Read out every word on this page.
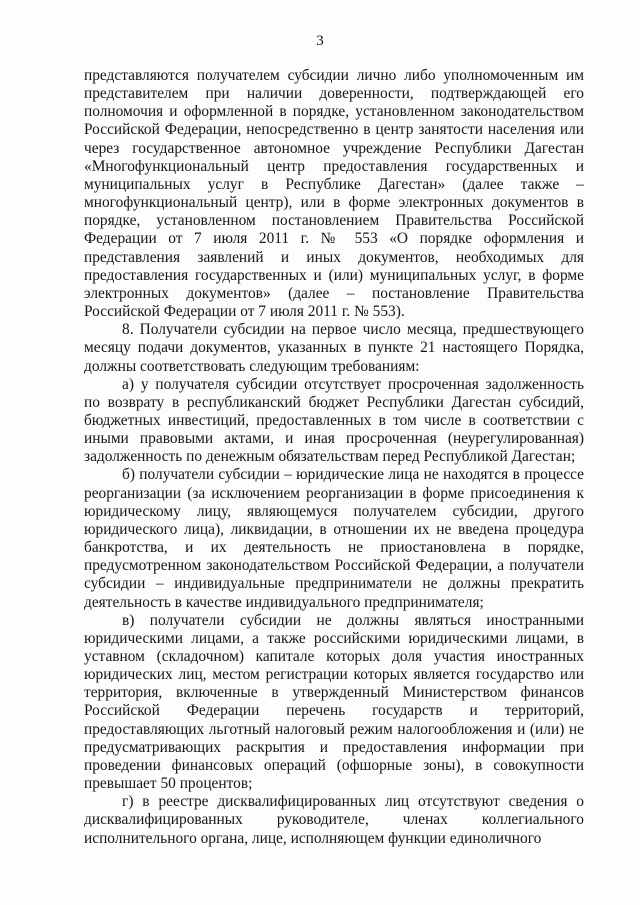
3

представляются получателем субсидии лично либо уполномоченным им представителем при наличии доверенности, подтверждающей его полномочия и оформленной в порядке, установленном законодательством Российской Федерации, непосредственно в центр занятости населения или через государственное автономное учреждение Республики Дагестан «Многофункциональный центр предоставления государственных и муниципальных услуг в Республике Дагестан» (далее также – многофункциональный центр), или в форме электронных документов в порядке, установленном постановлением Правительства Российской Федерации от 7 июля 2011 г. № 553 «О порядке оформления и представления заявлений и иных документов, необходимых для предоставления государственных и (или) муниципальных услуг, в форме электронных документов» (далее – постановление Правительства Российской Федерации от 7 июля 2011 г. № 553).

8. Получатели субсидии на первое число месяца, предшествующего месяцу подачи документов, указанных в пункте 21 настоящего Порядка, должны соответствовать следующим требованиям:

а) у получателя субсидии отсутствует просроченная задолженность по возврату в республиканский бюджет Республики Дагестан субсидий, бюджетных инвестиций, предоставленных в том числе в соответствии с иными правовыми актами, и иная просроченная (неурегулированная) задолженность по денежным обязательствам перед Республикой Дагестан;

б) получатели субсидии – юридические лица не находятся в процессе реорганизации (за исключением реорганизации в форме присоединения к юридическому лицу, являющемуся получателем субсидии, другого юридического лица), ликвидации, в отношении их не введена процедура банкротства, и их деятельность не приостановлена в порядке, предусмотренном законодательством Российской Федерации, а получатели субсидии – индивидуальные предприниматели не должны прекратить деятельность в качестве индивидуального предпринимателя;

в) получатели субсидии не должны являться иностранными юридическими лицами, а также российскими юридическими лицами, в уставном (складочном) капитале которых доля участия иностранных юридических лиц, местом регистрации которых является государство или территория, включенные в утвержденный Министерством финансов Российской Федерации перечень государств и территорий, предоставляющих льготный налоговый режим налогообложения и (или) не предусматривающих раскрытия и предоставления информации при проведении финансовых операций (офшорные зоны), в совокупности превышает 50 процентов;

г) в реестре дисквалифицированных лиц отсутствуют сведения о дисквалифицированных руководителе, членах коллегиального исполнительного органа, лице, исполняющем функции единоличного
